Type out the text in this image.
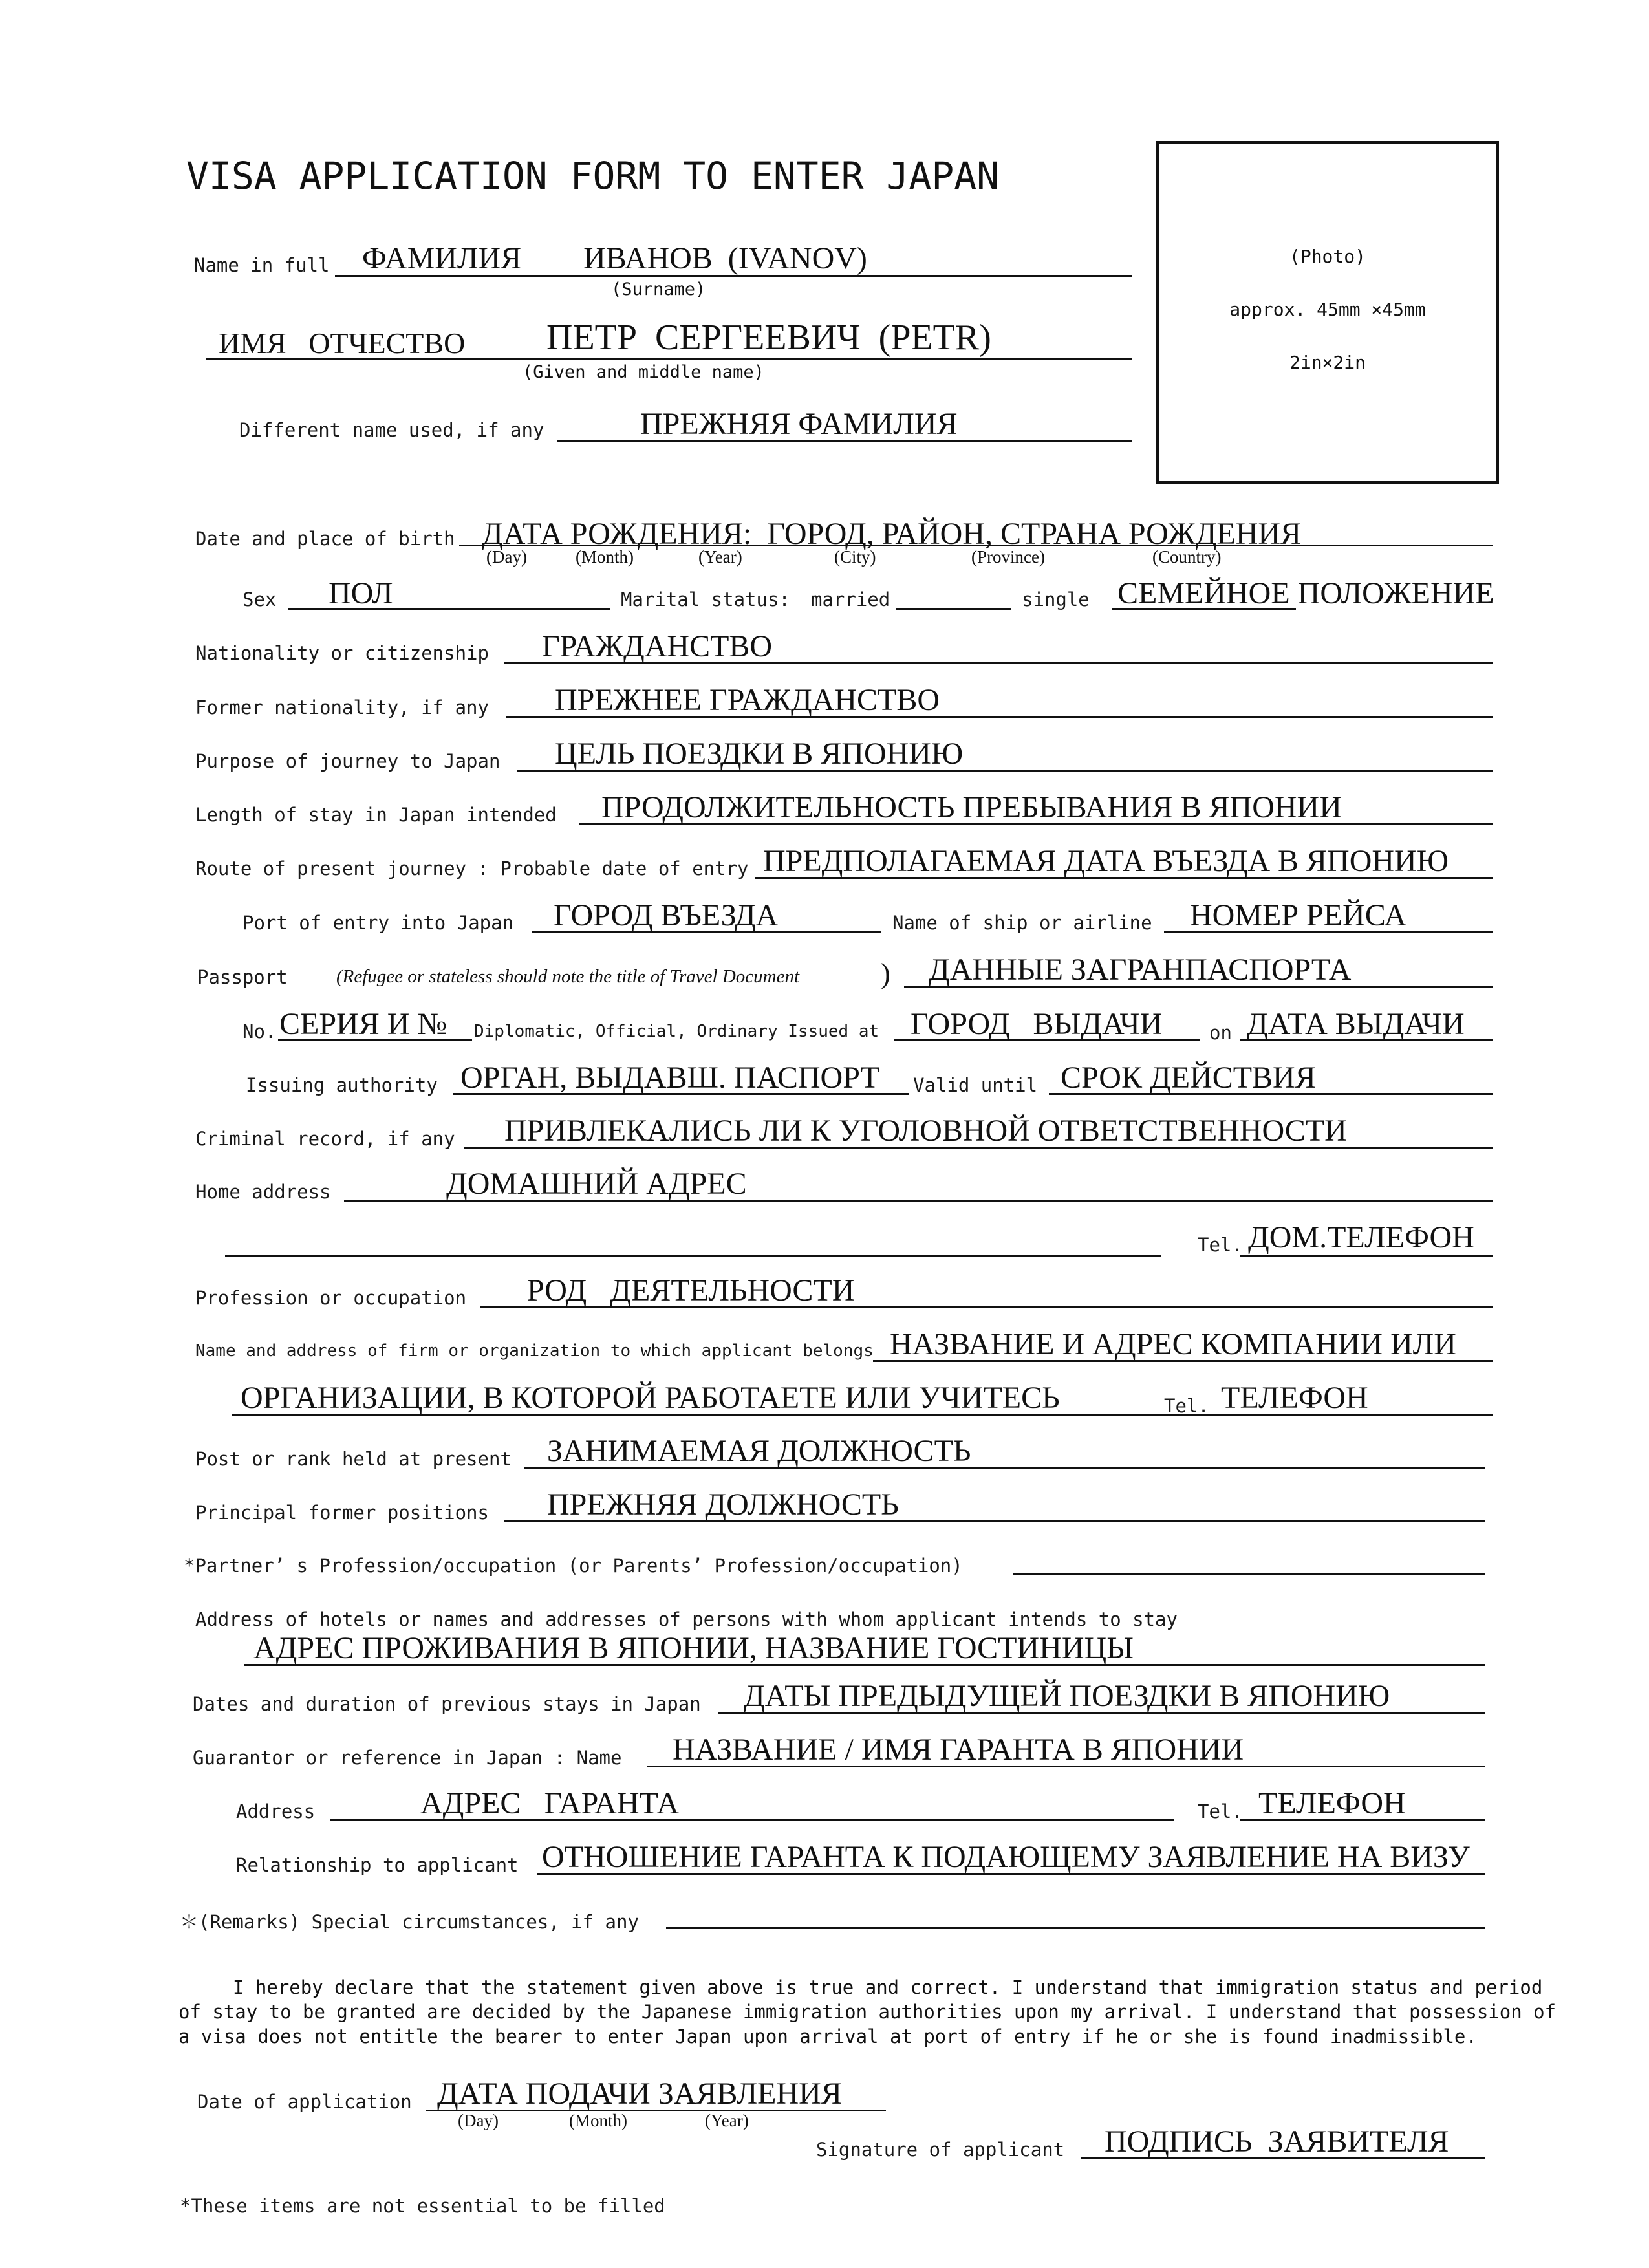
VISA APPLICATION FORM TO ENTER JAPAN
(Photo)
approx. 45mm ×45mm
2in×2in
Name in full ФАМИЛИЯ        ИВАНОВ  (IVANOV)
(Surname)
ИМЯ   ОТЧЕСТВО ПЕТР  СЕРГЕЕВИЧ  (PETR)
(Given and middle name)
Different name used, if any	ПРЕЖНЯЯ ФАМИЛИЯ
Date and place of birth ДАТА РОЖДЕНИЯ:  ГОРОД, РАЙОН, СТРАНА РОЖДЕНИЯ
(Day)	(Month)	(Year)	(City)	(Province)	(Country)
Sex ПОЛ	Marital status: married	single СЕМЕЙНОЕ ПОЛОЖЕНИЕ
Nationality or citizenship ГРАЖДАНСТВО
Former nationality, if any ПРЕЖНЕЕ ГРАЖДАНСТВО
Purpose of journey to Japan ЦЕЛЬ ПОЕЗДКИ В ЯПОНИЮ
Length of stay in Japan intended ПРОДОЛЖИТЕЛЬНОСТЬ ПРЕБЫВАНИЯ В ЯПОНИИ
Route of present journey : Probable date of entry ПРЕДПОЛАГАЕМАЯ ДАТА ВЪЕЗДА В ЯПОНИЮ
Port of entry into Japan ГОРОД ВЪЕЗДА	Name of ship or airline НОМЕР РЕЙСА
Passport	(Refugee or stateless should note the title of Travel Document	) ДАННЫЕ ЗАГРАНПАСПОРТА
No. СЕРИЯ И № Diplomatic, Official, Ordinary Issued at ГОРОД   ВЫДАЧИ	on ДАТА ВЫДАЧИ
Issuing authority ОРГАН, ВЫДАВШ. ПАСПОРТ Valid until СРОК ДЕЙСТВИЯ
Criminal record, if any ПРИВЛЕКАЛИСЬ ЛИ К УГОЛОВНОЙ ОТВЕТСТВЕННОСТИ
Home address	ДОМАШНИЙ АДРЕС
Tel. ДОМ.ТЕЛЕФОН
Profession or occupation РОД   ДЕЯТЕЛЬНОСТИ
Name and address of firm or organization to which applicant belongs НАЗВАНИЕ И АДРЕС КОМПАНИИ ИЛИ
ОРГАНИЗАЦИИ, В КОТОРОЙ РАБОТАЕТЕ ИЛИ УЧИТЕСЬ	Tel. ТЕЛЕФОН
Post or rank held at present ЗАНИМАЕМАЯ ДОЛЖНОСТЬ
Principal former positions ПРЕЖНЯЯ ДОЛЖНОСТЬ
*Partner’ s Profession/occupation (or Parents’ Profession/occupation)
Address of hotels or names and addresses of persons with whom applicant intends to stay
АДРЕС ПРОЖИВАНИЯ В ЯПОНИИ, НАЗВАНИЕ ГОСТИНИЦЫ
Dates and duration of previous stays in Japan ДАТЫ ПРЕДЫДУЩЕЙ ПОЕЗДКИ В ЯПОНИЮ
Guarantor or reference in Japan : Name НАЗВАНИЕ / ИМЯ ГАРАНТА В ЯПОНИИ
Address	АДРЕС   ГАРАНТА	Tel. ТЕЛЕФОН
Relationship to applicant ОТНОШЕНИЕ ГАРАНТА К ПОДАЮЩЕМУ ЗАЯВЛЕНИЕ НА ВИЗУ
＊(Remarks) Special circumstances, if any
I hereby declare that the statement given above is true and correct. I understand that immigration status and period
of stay to be granted are decided by the Japanese immigration authorities upon my arrival. I understand that possession of
a visa does not entitle the bearer to enter Japan upon arrival at port of entry if he or she is found inadmissible.
Date of application ДАТА ПОДАЧИ ЗАЯВЛЕНИЯ
(Day)	(Month)	(Year)
Signature of applicant ПОДПИСЬ  ЗАЯВИТЕЛЯ
*These items are not essential to be filled
